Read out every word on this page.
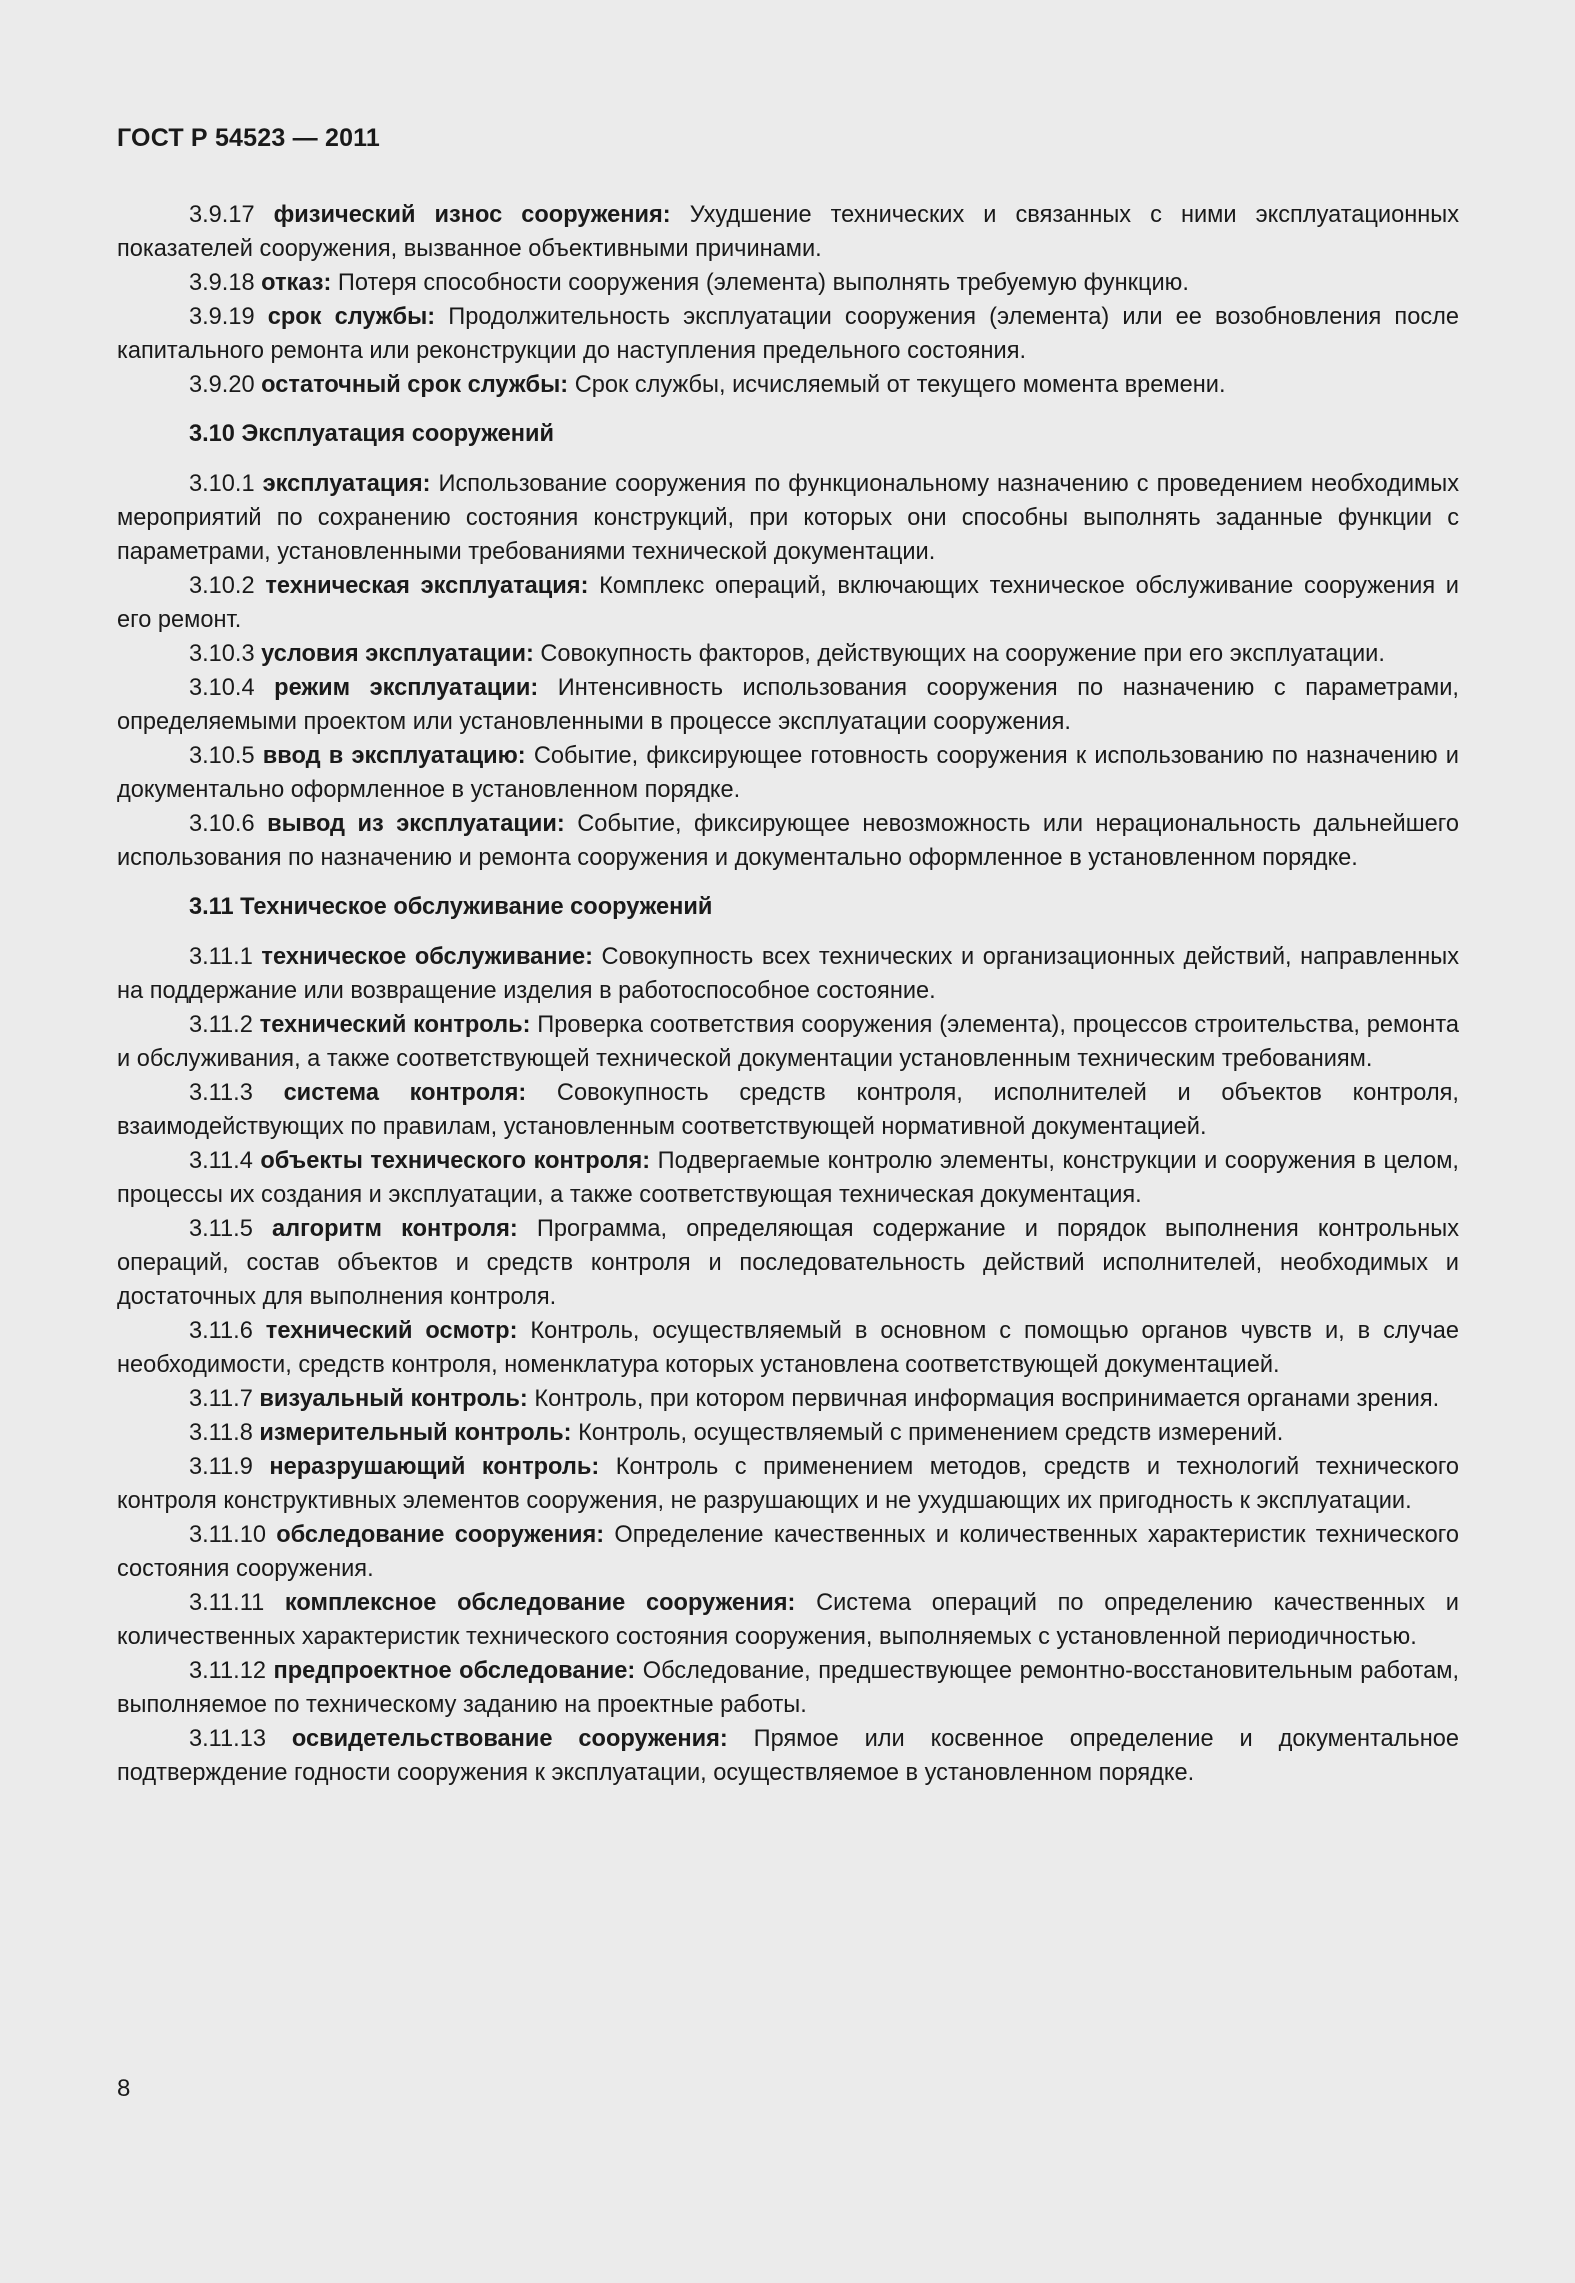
ГОСТ Р 54523 — 2011

3.9.17 физический износ сооружения: Ухудшение технических и связанных с ними эксплуатационных показателей сооружения, вызванное объективными причинами.

3.9.18 отказ: Потеря способности сооружения (элемента) выполнять требуемую функцию.

3.9.19 срок службы: Продолжительность эксплуатации сооружения (элемента) или ее возобновления после капитального ремонта или реконструкции до наступления предельного состояния.

3.9.20 остаточный срок службы: Срок службы, исчисляемый от текущего момента времени.

3.10 Эксплуатация сооружений

3.10.1 эксплуатация: Использование сооружения по функциональному назначению с проведением необходимых мероприятий по сохранению состояния конструкций, при которых они способны выполнять заданные функции с параметрами, установленными требованиями технической документации.

3.10.2 техническая эксплуатация: Комплекс операций, включающих техническое обслуживание сооружения и его ремонт.

3.10.3 условия эксплуатации: Совокупность факторов, действующих на сооружение при его эксплуатации.

3.10.4 режим эксплуатации: Интенсивность использования сооружения по назначению с параметрами, определяемыми проектом или установленными в процессе эксплуатации сооружения.

3.10.5 ввод в эксплуатацию: Событие, фиксирующее готовность сооружения к использованию по назначению и документально оформленное в установленном порядке.

3.10.6 вывод из эксплуатации: Событие, фиксирующее невозможность или нерациональность дальнейшего использования по назначению и ремонта сооружения и документально оформленное в установленном порядке.

3.11 Техническое обслуживание сооружений

3.11.1 техническое обслуживание: Совокупность всех технических и организационных действий, направленных на поддержание или возвращение изделия в работоспособное состояние.

3.11.2 технический контроль: Проверка соответствия сооружения (элемента), процессов строительства, ремонта и обслуживания, а также соответствующей технической документации установленным техническим требованиям.

3.11.3 система контроля: Совокупность средств контроля, исполнителей и объектов контроля, взаимодействующих по правилам, установленным соответствующей нормативной документацией.

3.11.4 объекты технического контроля: Подвергаемые контролю элементы, конструкции и сооружения в целом, процессы их создания и эксплуатации, а также соответствующая техническая документация.

3.11.5 алгоритм контроля: Программа, определяющая содержание и порядок выполнения контрольных операций, состав объектов и средств контроля и последовательность действий исполнителей, необходимых и достаточных для выполнения контроля.

3.11.6 технический осмотр: Контроль, осуществляемый в основном с помощью органов чувств и, в случае необходимости, средств контроля, номенклатура которых установлена соответствующей документацией.

3.11.7 визуальный контроль: Контроль, при котором первичная информация воспринимается органами зрения.

3.11.8 измерительный контроль: Контроль, осуществляемый с применением средств измерений.

3.11.9 неразрушающий контроль: Контроль с применением методов, средств и технологий технического контроля конструктивных элементов сооружения, не разрушающих и не ухудшающих их пригодность к эксплуатации.

3.11.10 обследование сооружения: Определение качественных и количественных характеристик технического состояния сооружения.

3.11.11 комплексное обследование сооружения: Система операций по определению качественных и количественных характеристик технического состояния сооружения, выполняемых с установленной периодичностью.

3.11.12 предпроектное обследование: Обследование, предшествующее ремонтно-восстановительным работам, выполняемое по техническому заданию на проектные работы.

3.11.13 освидетельствование сооружения: Прямое или косвенное определение и документальное подтверждение годности сооружения к эксплуатации, осуществляемое в установленном порядке.

8
